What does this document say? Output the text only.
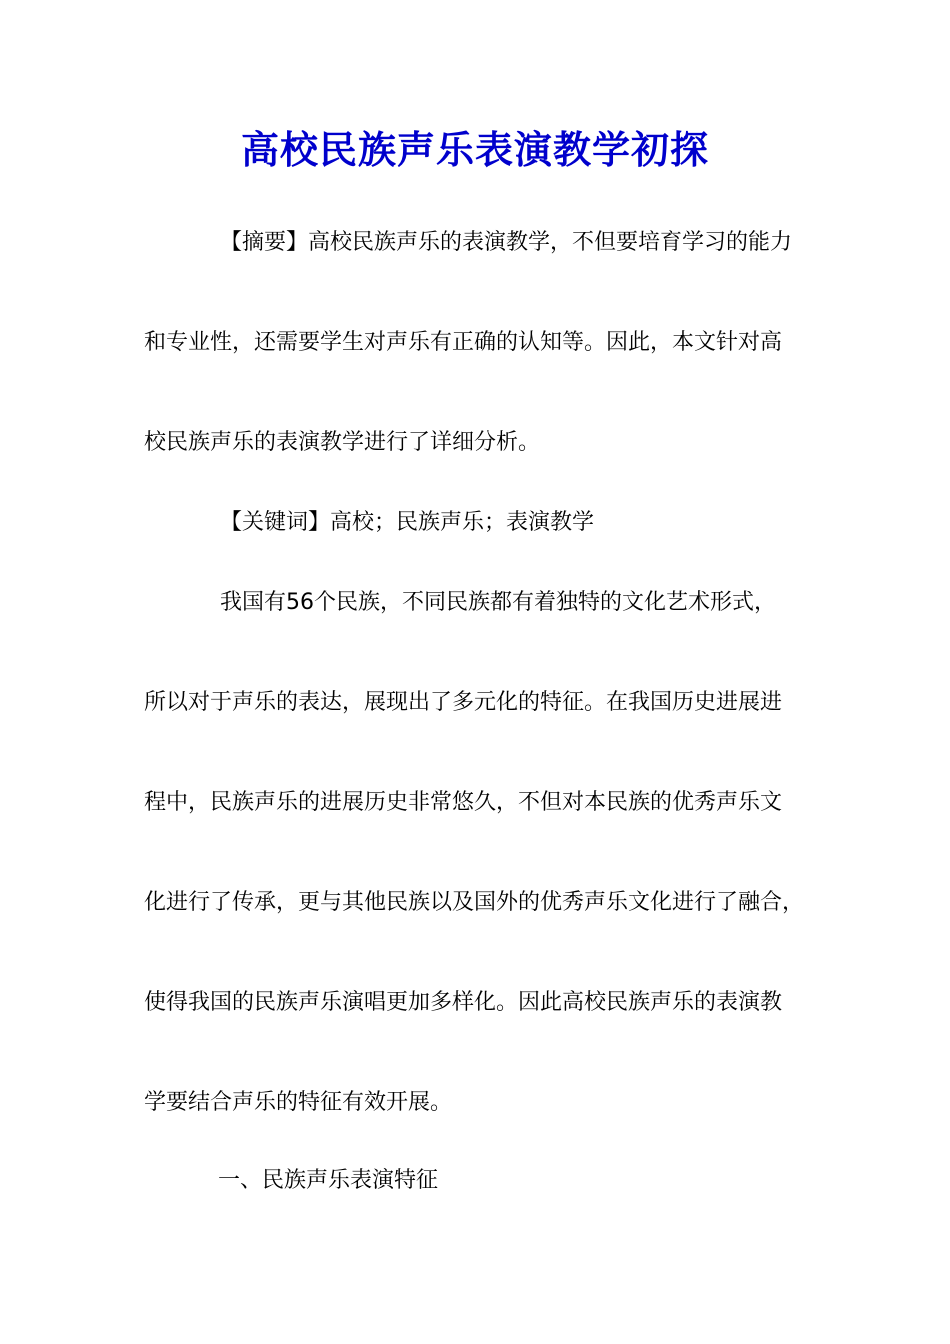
高校民族声乐表演教学初探

【摘要】高校民族声乐的表演教学，不但要培育学习的能力

和专业性，还需要学生对声乐有正确的认知等。因此，本文针对高

校民族声乐的表演教学进行了详细分析。

【关键词】高校；民族声乐；表演教学

我国有56个民族，不同民族都有着独特的文化艺术形式，

所以对于声乐的表达，展现出了多元化的特征。在我国历史进展进

程中，民族声乐的进展历史非常悠久，不但对本民族的优秀声乐文

化进行了传承，更与其他民族以及国外的优秀声乐文化进行了融合，

使得我国的民族声乐演唱更加多样化。因此高校民族声乐的表演教

学要结合声乐的特征有效开展。

一、民族声乐表演特征
